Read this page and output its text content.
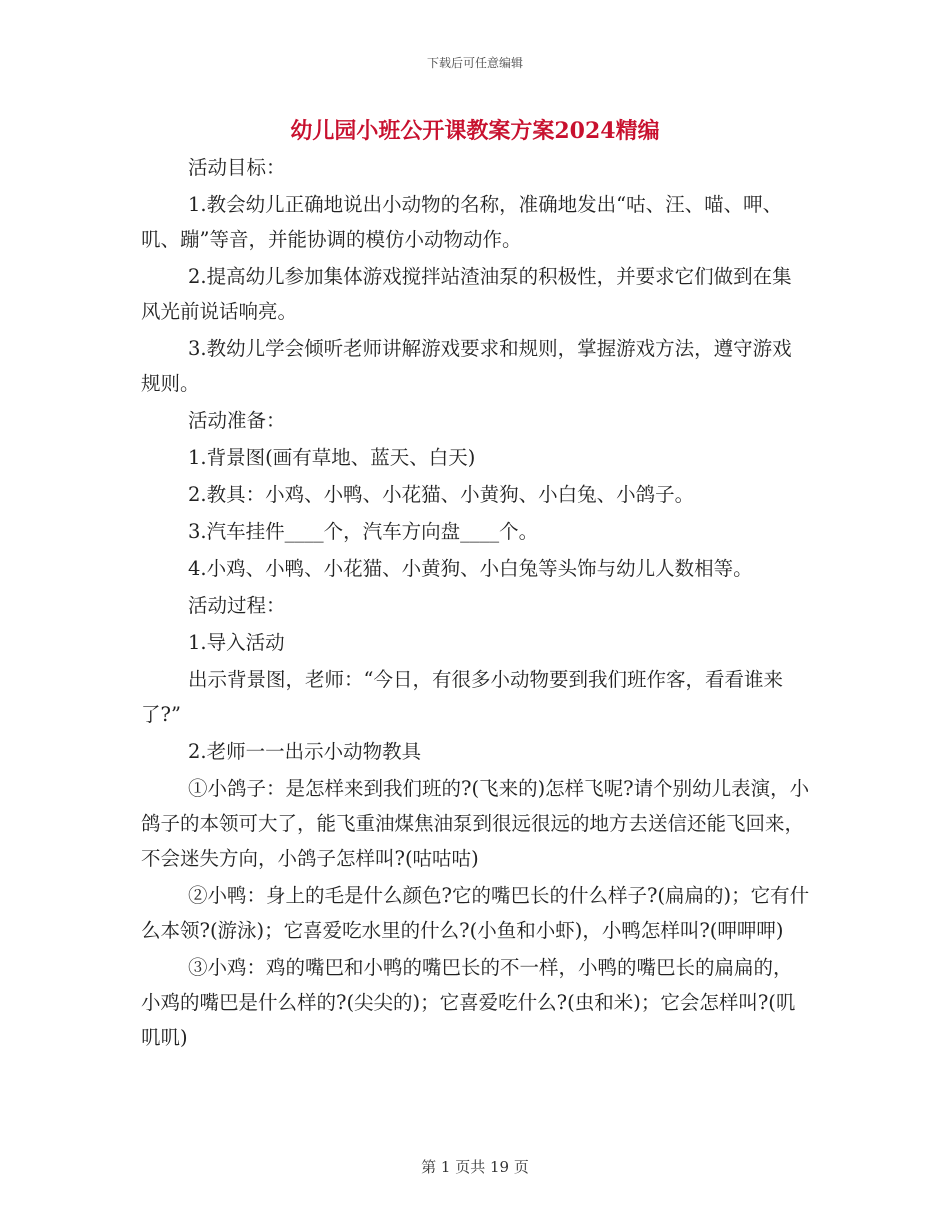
下载后可任意编辑
幼儿园小班公开课教案方案2024精编

活动目标：

1.教会幼儿正确地说出小动物的名称，准确地发出“咕、汪、喵、呷、叽、蹦”等音，并能协调的模仿小动物动作。

2.提高幼儿参加集体游戏搅拌站渣油泵的积极性，并要求它们做到在集风光前说话响亮。

3.教幼儿学会倾听老师讲解游戏要求和规则，掌握游戏方法，遵守游戏规则。

活动准备：

1.背景图(画有草地、蓝天、白天)

2.教具：小鸡、小鸭、小花猫、小黄狗、小白兔、小鸽子。

3.汽车挂件____个，汽车方向盘____个。

4.小鸡、小鸭、小花猫、小黄狗、小白兔等头饰与幼儿人数相等。

活动过程：

1.导入活动

出示背景图，老师：“今日，有很多小动物要到我们班作客，看看谁来了?”

2.老师一一出示小动物教具

①小鸽子：是怎样来到我们班的?(飞来的)怎样飞呢?请个别幼儿表演，小鸽子的本领可大了，能飞重油煤焦油泵到很远很远的地方去送信还能飞回来，不会迷失方向，小鸽子怎样叫?(咕咕咕)

②小鸭：身上的毛是什么颜色?它的嘴巴长的什么样子?(扁扁的)；它有什么本领?(游泳)；它喜爱吃水里的什么?(小鱼和小虾)，小鸭怎样叫?(呷呷呷)

③小鸡：鸡的嘴巴和小鸭的嘴巴长的不一样，小鸭的嘴巴长的扁扁的，小鸡的嘴巴是什么样的?(尖尖的)；它喜爱吃什么?(虫和米)；它会怎样叫?(叽叽叽)

第 1 页共 19 页
